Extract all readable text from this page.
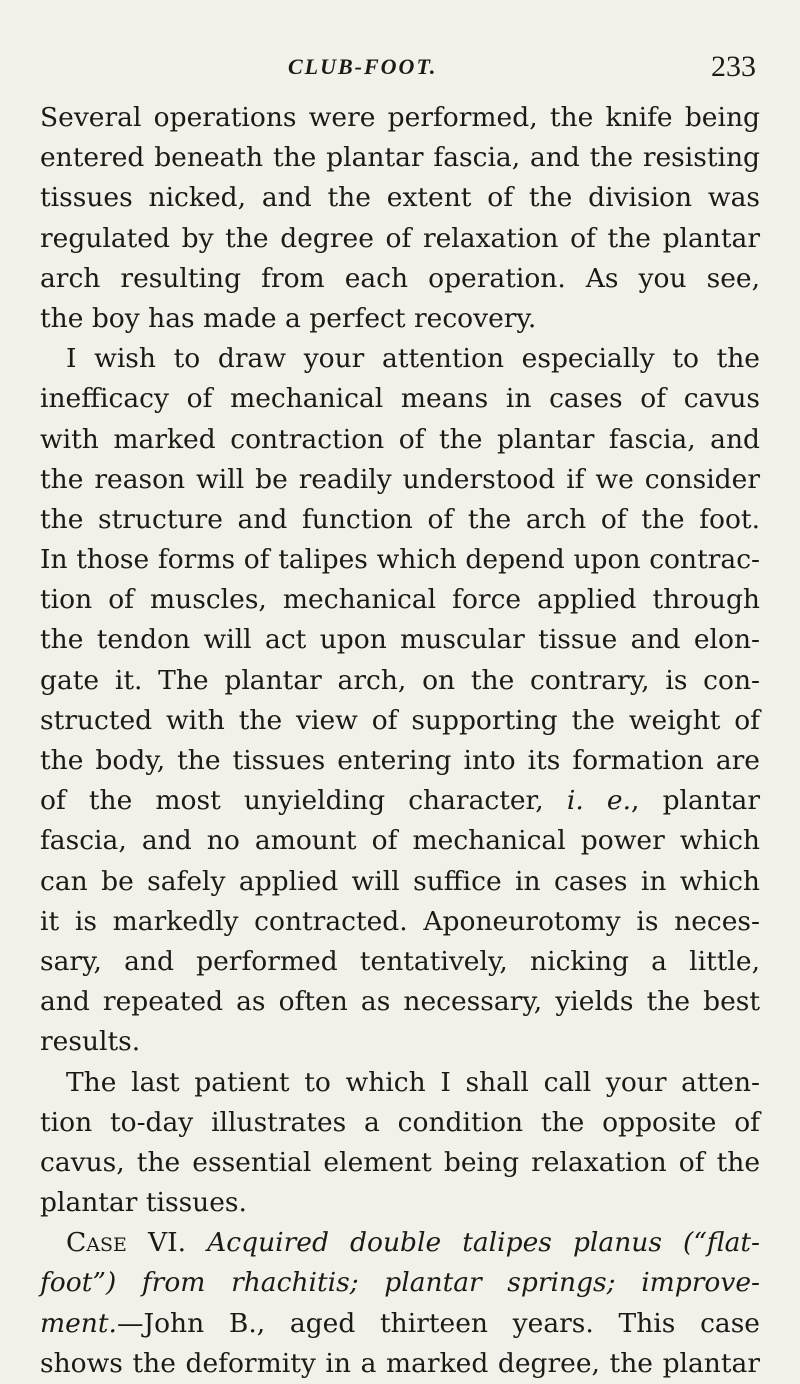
CLUB-FOOT.	233
Several operations were performed, the knife being
entered beneath the plantar fascia, and the resisting
tissues nicked, and the extent of the division was
regulated by the degree of relaxation of the plantar
arch resulting from each operation. As you see,
the boy has made a perfect recovery.
I wish to draw your attention especially to the
inefficacy of mechanical means in cases of cavus
with marked contraction of the plantar fascia, and
the reason will be readily understood if we consider
the structure and function of the arch of the foot.
In those forms of talipes which depend upon contrac-
tion of muscles, mechanical force applied through
the tendon will act upon muscular tissue and elon-
gate it. The plantar arch, on the contrary, is con-
structed with the view of supporting the weight of
the body, the tissues entering into its formation are
of the most unyielding character, i. e., plantar
fascia, and no amount of mechanical power which
can be safely applied will suffice in cases in which
it is markedly contracted. Aponeurotomy is neces-
sary, and performed tentatively, nicking a little,
and repeated as often as necessary, yields the best
results.
The last patient to which I shall call your atten-
tion to-day illustrates a condition the opposite of
cavus, the essential element being relaxation of the
plantar tissues.
Case VI. Acquired double talipes planus (“flat-
foot”) from rhachitis; plantar springs; improve-
ment.—John B., aged thirteen years. This case
shows the deformity in a marked degree, the plantar
